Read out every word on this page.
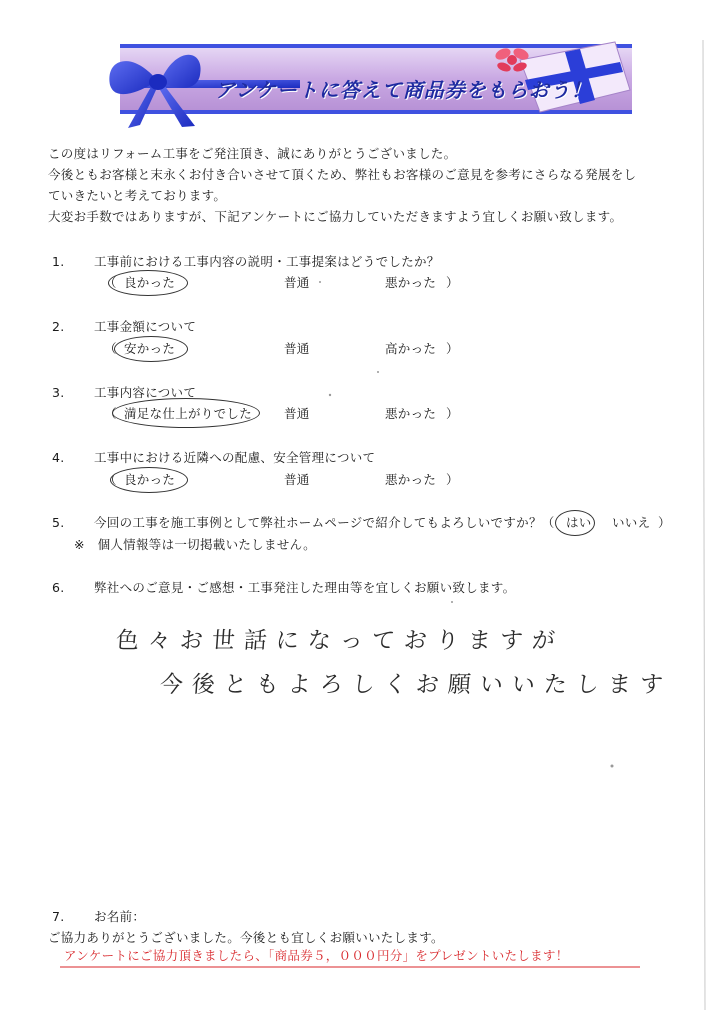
アンケートに答えて商品券をもらおう！
この度はリフォーム工事をご発注頂き、誠にありがとうございました。
今後ともお客様と末永くお付き合いさせて頂くため、弊社もお客様のご意見を参考にさらなる発展をし
ていきたいと考えております。
大変お手数ではありますが、下記アンケートにご協力していただきますよう宜しくお願い致します。
1. 工事前における工事内容の説明・工事提案はどうでしたか？
（ 良かった	普通	悪かった ）
2. 工事金額について
（ 安かった	普通	高かった ）
3. 工事内容について
（ 満足な仕上がりでした	普通	悪かった ）
4. 工事中における近隣への配慮、安全管理について
（ 良かった	普通	悪かった ）
5. 今回の工事を施工事例として弊社ホームページで紹介してもよろしいですか？（ はい いいえ ）
※　個人情報等は一切掲載いたしません。
6. 弊社へのご意見・ご感想・工事発注した理由等を宜しくお願い致します。
色々お世話になっておりますが
今後ともよろしくお願いいたします
7. お名前：
ご協力ありがとうございました。今後とも宜しくお願いいたします。
アンケートにご協力頂きましたら、「商品券５，０００円分」をプレゼントいたします！
